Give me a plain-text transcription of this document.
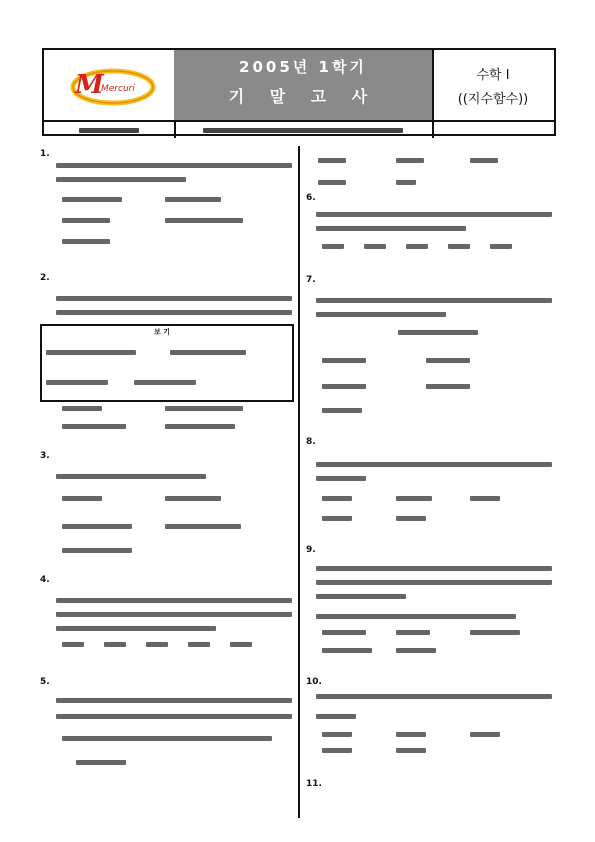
M
Mercuri
2005년 1학기
기 말 고 사
수학 I
((지수함수))
1.
2.
보 기
3.
4.
5.
6.
7.
8.
9.
10.
11.
